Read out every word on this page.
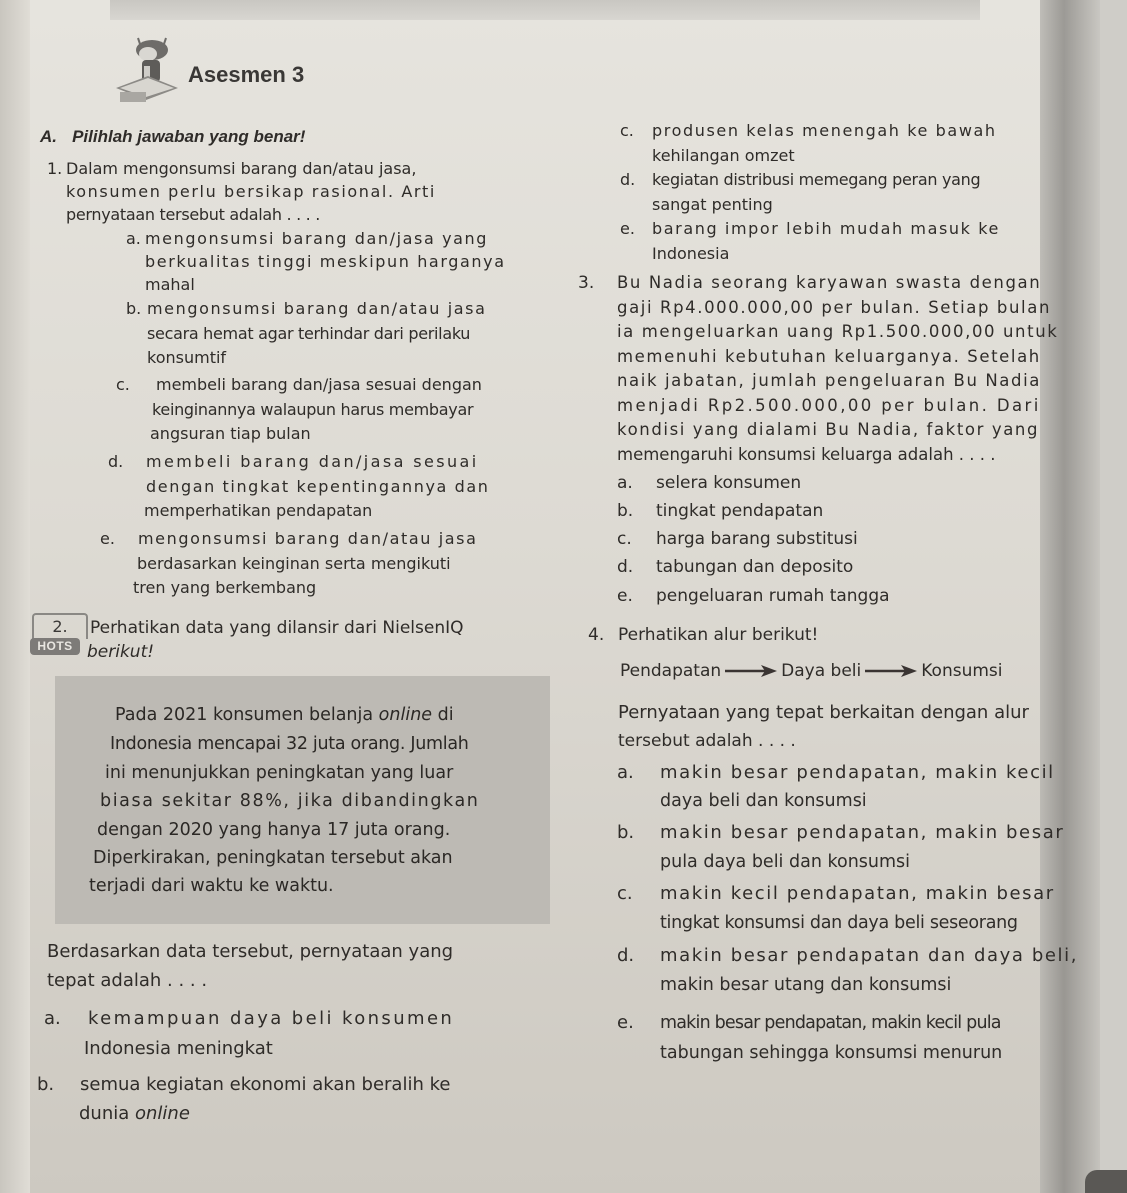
Asesmen 3
A. Pilihlah jawaban yang benar!
1. Dalam mengonsumsi barang dan/atau jasa,
konsumen perlu bersikap rasional. Arti
pernyataan tersebut adalah . . . .
a. mengonsumsi barang dan/jasa yang
berkualitas tinggi meskipun harganya
mahal
b. mengonsumsi barang dan/atau jasa
secara hemat agar terhindar dari perilaku
konsumtif
c. membeli barang dan/jasa sesuai dengan
keinginannya walaupun harus membayar
angsuran tiap bulan
d. membeli barang dan/jasa sesuai
dengan tingkat kepentingannya dan
memperhatikan pendapatan
e. mengonsumsi barang dan/atau jasa
berdasarkan keinginan serta mengikuti
tren yang berkembang
2.
HOTS
Perhatikan data yang dilansir dari NielsenIQ
berikut!
Pada 2021 konsumen belanja online di
Indonesia mencapai 32 juta orang. Jumlah
ini menunjukkan peningkatan yang luar
biasa sekitar 88%, jika dibandingkan
dengan 2020 yang hanya 17 juta orang.
Diperkirakan, peningkatan tersebut akan
terjadi dari waktu ke waktu.
Berdasarkan data tersebut, pernyataan yang
tepat adalah . . . .
a. kemampuan daya beli konsumen
Indonesia meningkat
b. semua kegiatan ekonomi akan beralih ke
dunia online
c. produsen kelas menengah ke bawah
kehilangan omzet
d. kegiatan distribusi memegang peran yang
sangat penting
e. barang impor lebih mudah masuk ke
Indonesia
3. Bu Nadia seorang karyawan swasta dengan
gaji Rp4.000.000,00 per bulan. Setiap bulan
ia mengeluarkan uang Rp1.500.000,00 untuk
memenuhi kebutuhan keluarganya. Setelah
naik jabatan, jumlah pengeluaran Bu Nadia
menjadi Rp2.500.000,00 per bulan. Dari
kondisi yang dialami Bu Nadia, faktor yang
memengaruhi konsumsi keluarga adalah . . . .
a. selera konsumen
b. tingkat pendapatan
c. harga barang substitusi
d. tabungan dan deposito
e. pengeluaran rumah tangga
4. Perhatikan alur berikut!
Pendapatan	Daya beli	Konsumsi
Pernyataan yang tepat berkaitan dengan alur
tersebut adalah . . . .
a. makin besar pendapatan, makin kecil
daya beli dan konsumsi
b. makin besar pendapatan, makin besar
pula daya beli dan konsumsi
c. makin kecil pendapatan, makin besar
tingkat konsumsi dan daya beli seseorang
d. makin besar pendapatan dan daya beli,
makin besar utang dan konsumsi
e. makin besar pendapatan, makin kecil pula
tabungan sehingga konsumsi menurun
